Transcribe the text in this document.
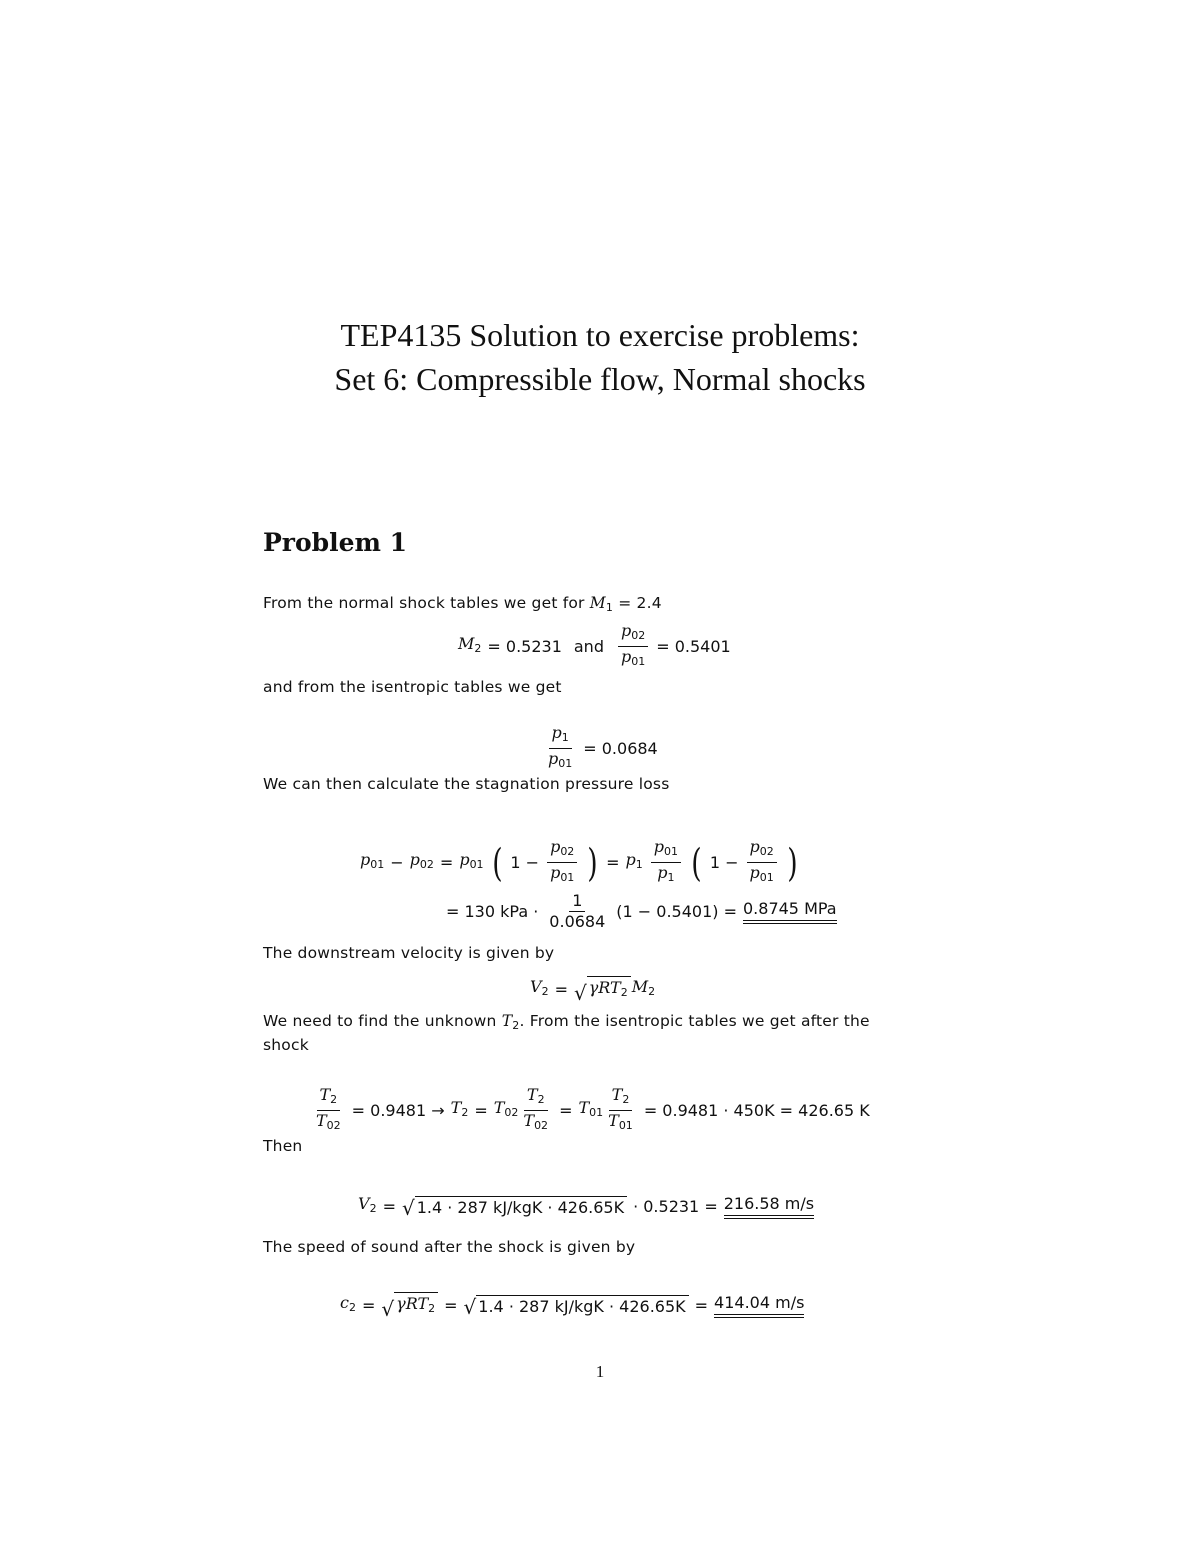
TEP4135 Solution to exercise problems:
Set 6: Compressible flow, Normal shocks
Problem 1
From the normal shock tables we get for $M_1 = 2.4$
$M_2 = 0.5231$ and $\frac{p_{02}}{p_{01}} = 0.5401$
and from the isentropic tables we get
$\frac{p_1}{p_{01}} = 0.0684$
We can then calculate the stagnation pressure loss
$p_{01} - p_{02} = p_{01}$ ( $1 - \frac{p_{02}}{p_{01}}$ ) = $p_1 \frac{p_{01}}{p_1}$ ( $1 - \frac{p_{02}}{p_{01}}$ )
= 130 kPa · $\frac{1}{0.0684} (1 - 0.5401) = 0.8745$ MPa
The downstream velocity is given by
$V_2$ = √ γRT$_2$ $M_2$
We need to find the unknown $T_2$. From the isentropic tables we get after the
shock
$\frac{T_2}{T_{02}} = 0.9481 \to T_2 = T_{02} \frac{T_2}{T_{02}} = T_{01} \frac{T_2}{T_{01}} = 0.9481 \cdot 450K = 426.65$ K
Then
$V_2$ = √ 1.4 · 287 kJ/kgK · 426.65K · 0.5231 = 216.58 m/s
The speed of sound after the shock is given by
$c_2$ = √ γRT$_2$ = √ 1.4 · 287 kJ/kgK · 426.65K = 414.04 m/s
1
